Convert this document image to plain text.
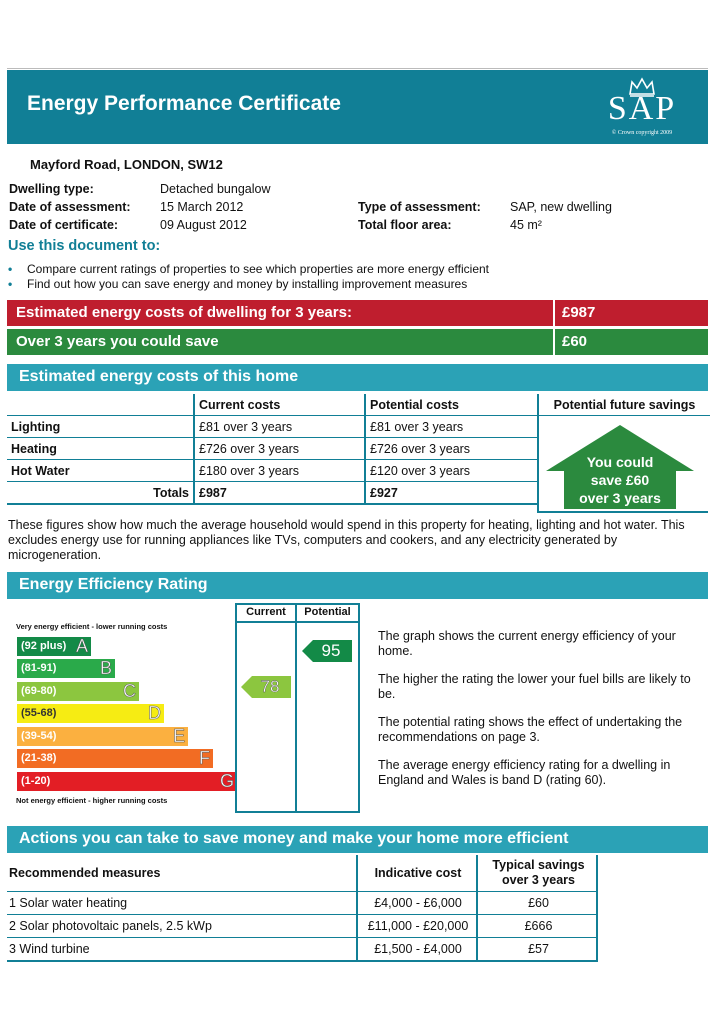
Energy Performance Certificate	SAP
© Crown copyright 2009
Mayford Road, LONDON, SW12
Dwelling type:	Detached bungalow
Date of assessment: 15 March 2012
Date of certificate:	09 August 2012
Type of assessment: SAP, new dwelling
Total floor area:	45 m²
Use this document to:
• Compare current ratings of properties to see which properties are more energy efficient
• Find out how you can save energy and money by installing improvement measures
Estimated energy costs of dwelling for 3 years:	£987
Over 3 years you could save	£60
Estimated energy costs of this home
	Current costs	Potential costs
Lighting	£81 over 3 years	£81 over 3 years
Heating	£726 over 3 years	£726 over 3 years
Hot Water	£180 over 3 years	£120 over 3 years
Totals	£987	£927
Potential future savings
You could
save £60
over 3 years
These figures show how much the average household would spend in this property for heating, lighting and hot water. This excludes energy use for running appliances like TVs, computers and cookers, and any electricity generated by microgeneration.
Energy Efficiency Rating
Very energy efficient - lower running costs
(92 plus) A
(81-91) B
(69-80)	C
(55-68)	D
(39-54)	E
(21-38)	F
(1-20)	G
Not energy efficient - higher running costs
Current	Potential
78
95
The graph shows the current energy efficiency of your home.
The higher the rating the lower your fuel bills are likely to be.
The potential rating shows the effect of undertaking the recommendations on page 3.
The average energy efficiency rating for a dwelling in England and Wales is band D (rating 60).
Actions you can take to save money and make your home more efficient
Recommended measures	Indicative cost	Typical savings over 3 years
1 Solar water heating	£4,000 - £6,000	£60
2 Solar photovoltaic panels, 2.5 kWp	£11,000 - £20,000	£666
3 Wind turbine	£1,500 - £4,000	£57
